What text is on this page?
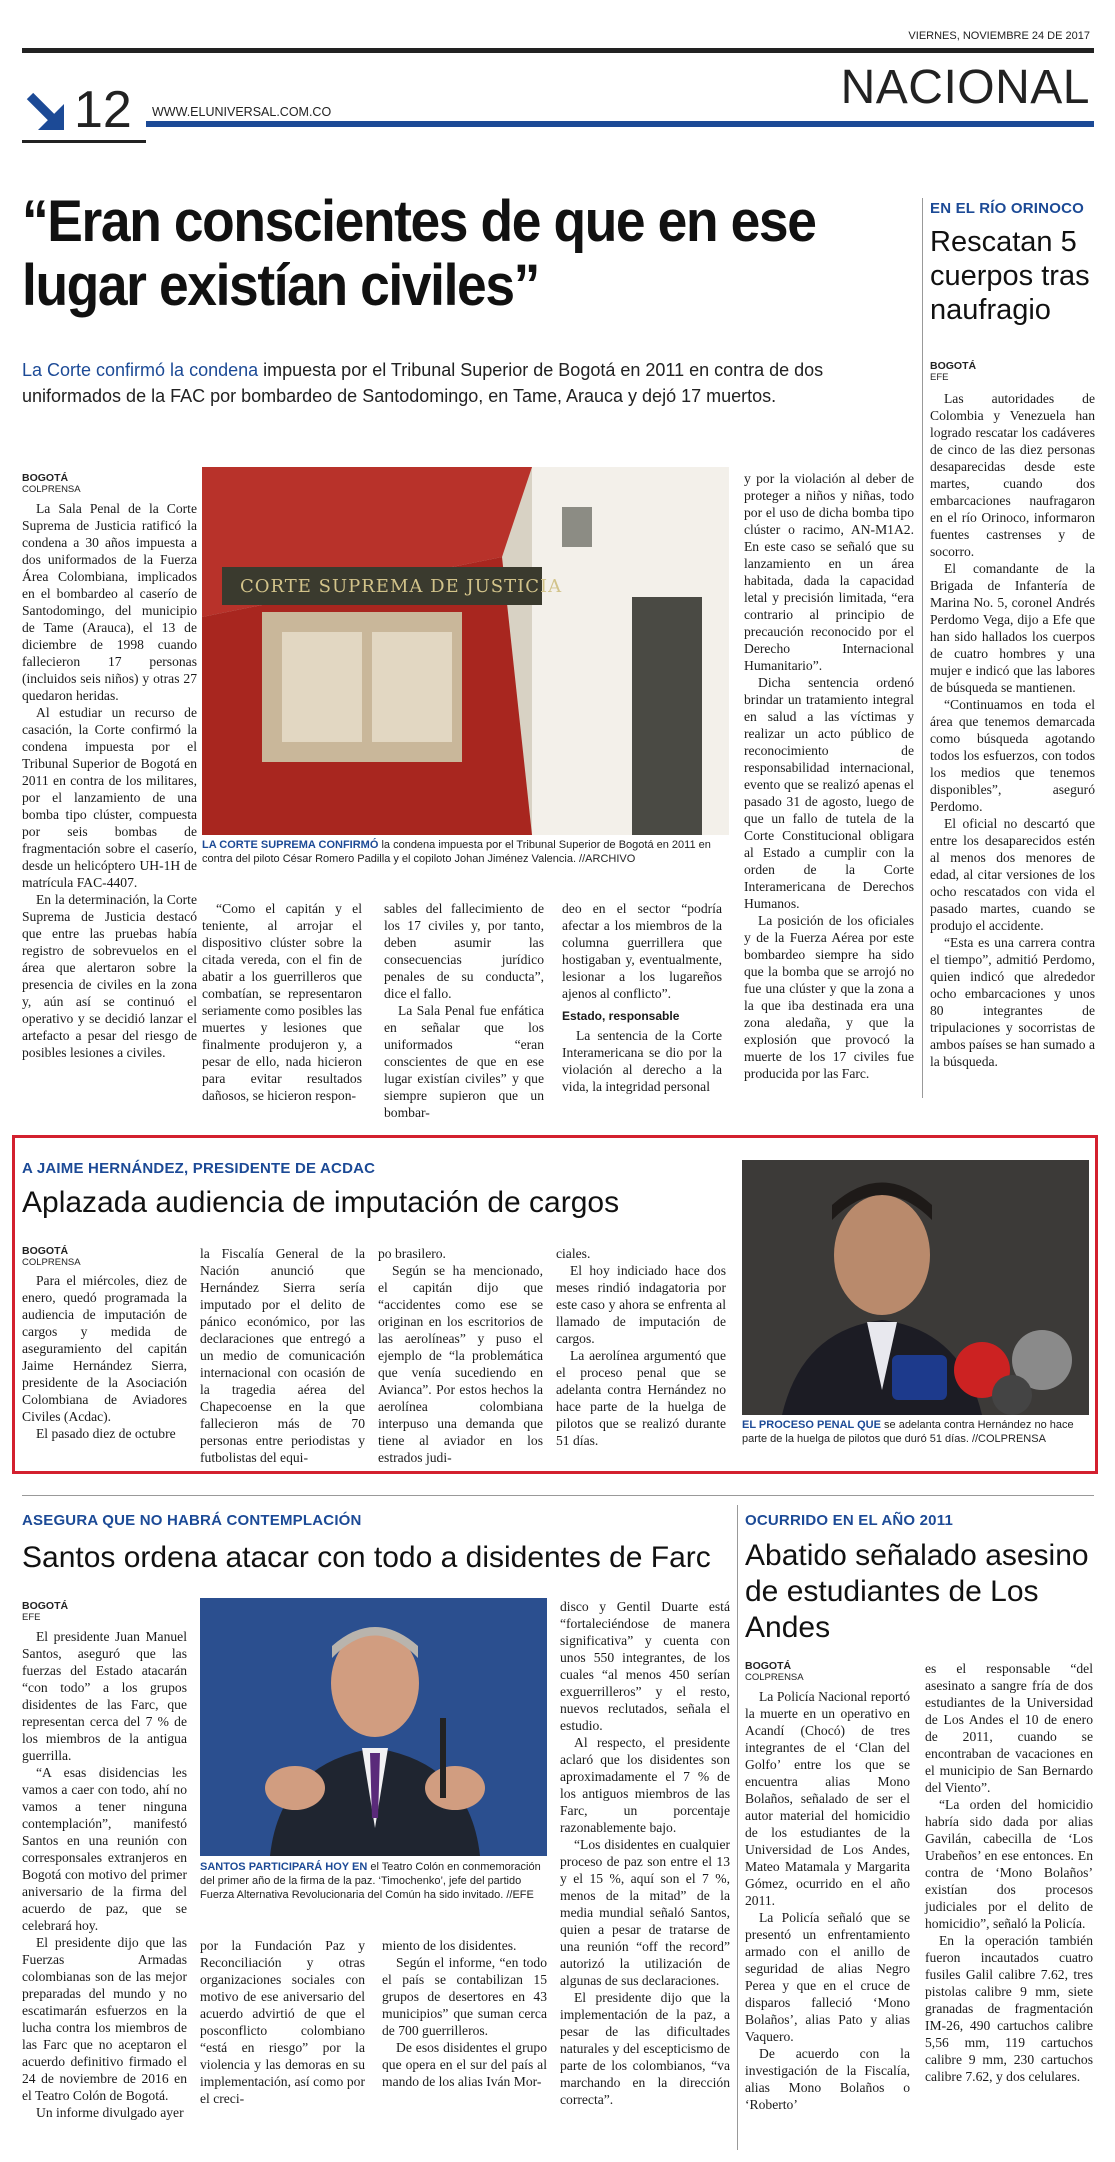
VIERNES, NOVIEMBRE 24 DE 2017
12 WWW.ELUNIVERSAL.COM.CO	NACIONAL
“Eran conscientes de que en ese lugar existían civiles”
La Corte confirmó la condena impuesta por el Tribunal Superior de Bogotá en 2011 en contra de dos uniformados de la FAC por bombardeo de Santodomingo, en Tame, Arauca y dejó 17 muertos.
BOGOTÁ
COLPRENSA

La Sala Penal de la Corte Suprema de Justicia ratificó la condena a 30 años impuesta a dos uniformados de la Fuerza Área Colombiana, implicados en el bombardeo al caserío de Santodomingo, del municipio de Tame (Arauca), el 13 de diciembre de 1998 cuando fallecieron 17 personas (incluidos seis niños) y otras 27 quedaron heridas.

Al estudiar un recurso de casación, la Corte confirmó la condena impuesta por el Tribunal Superior de Bogotá en 2011 en contra de los militares, por el lanzamiento de una bomba tipo clúster, compuesta por seis bombas de fragmentación sobre el caserío, desde un helicóptero UH-1H de matrícula FAC-4407.

En la determinación, la Corte Suprema de Justicia destacó que entre las pruebas había registro de sobrevuelos en el área que alertaron sobre la presencia de civiles en la zona y, aún así se continuó el operativo y se decidió lanzar el artefacto a pesar del riesgo de posibles lesiones a civiles.

CORTE SUPREMA DE JUSTICIA
LA CORTE SUPREMA CONFIRMÓ la condena impuesta por el Tribunal Superior de Bogotá en 2011 en contra del piloto César Romero Padilla y el copiloto Johan Jiménez Valencia. //ARCHIVO

“Como el capitán y el teniente, al arrojar el dispositivo clúster sobre la citada vereda, con el fin de abatir a los guerrilleros que combatían, se representaron seriamente como posibles las muertes y lesiones que finalmente produjeron y, a pesar de ello, nada hicieron para evitar resultados dañosos, se hicieron respon-

sables del fallecimiento de los 17 civiles y, por tanto, deben asumir las consecuencias jurídico penales de su conducta”, dice el fallo.

La Sala Penal fue enfática en señalar que los uniformados “eran conscientes de que en ese lugar existían civiles” y que siempre supieron que un bombar-

deo en el sector “podría afectar a los miembros de la columna guerrillera que hostigaban y, eventualmente, lesionar a los lugareños ajenos al conflicto”.

Estado, responsable

La sentencia de la Corte Interamericana se dio por la violación al derecho a la vida, la integridad personal

y por la violación al deber de proteger a niños y niñas, todo por el uso de dicha bomba tipo clúster o racimo, AN-M1A2. En este caso se señaló que su lanzamiento en un área habitada, dada la capacidad letal y precisión limitada, “era contrario al principio de precaución reconocido por el Derecho Internacional Humanitario”.

Dicha sentencia ordenó brindar un tratamiento integral en salud a las víctimas y realizar un acto público de reconocimiento de responsabilidad internacional, evento que se realizó apenas el pasado 31 de agosto, luego de que un fallo de tutela de la Corte Constitucional obligara al Estado a cumplir con la orden de la Corte Interamericana de Derechos Humanos.

La posición de los oficiales y de la Fuerza Aérea por este bombardeo siempre ha sido que la bomba que se arrojó no fue una clúster y que la zona a la que iba destinada era una zona aledaña, y que la explosión que provocó la muerte de los 17 civiles fue producida por las Farc.

EN EL RÍO ORINOCO
Rescatan 5 cuerpos tras naufragio
BOGOTÁ
EFE

Las autoridades de Colombia y Venezuela han logrado rescatar los cadáveres de cinco de las diez personas desaparecidas desde este martes, cuando dos embarcaciones naufragaron en el río Orinoco, informaron fuentes castrenses y de socorro.

El comandante de la Brigada de Infantería de Marina No. 5, coronel Andrés Perdomo Vega, dijo a Efe que han sido hallados los cuerpos de cuatro hombres y una mujer e indicó que las labores de búsqueda se mantienen.

“Continuamos en toda el área que tenemos demarcada como búsqueda agotando todos los esfuerzos, con todos los medios que tenemos disponibles”, aseguró Perdomo.

El oficial no descartó que entre los desaparecidos estén al menos dos menores de edad, al citar versiones de los ocho rescatados con vida el pasado martes, cuando se produjo el accidente.

“Esta es una carrera contra el tiempo”, admitió Perdomo, quien indicó que alrededor ocho embarcaciones y unos 80 integrantes de tripulaciones y socorristas de ambos países se han sumado a la búsqueda.

A JAIME HERNÁNDEZ, PRESIDENTE DE ACDAC
Aplazada audiencia de imputación de cargos
BOGOTÁ
COLPRENSA

Para el miércoles, diez de enero, quedó programada la audiencia de imputación de cargos y medida de aseguramiento del capitán Jaime Hernández Sierra, presidente de la Asociación Colombiana de Aviadores Civiles (Acdac).

El pasado diez de octubre

la Fiscalía General de la Nación anunció que Hernández Sierra sería imputado por el delito de pánico económico, por las declaraciones que entregó a un medio de comunicación internacional con ocasión de la tragedia aérea del Chapecoense en la que fallecieron más de 70 personas entre periodistas y futbolistas del equi-

po brasilero.

Según se ha mencionado, el capitán dijo que “accidentes como ese se originan en los escritorios de las aerolíneas” y puso el ejemplo de “la problemática que venía sucediendo en Avianca”. Por estos hechos la aerolínea colombiana interpuso una demanda que tiene al aviador en los estrados judi-

ciales.

El hoy indiciado hace dos meses rindió indagatoria por este caso y ahora se enfrenta al llamado de imputación de cargos.

La aerolínea argumentó que el proceso penal que se adelanta contra Hernández no hace parte de la huelga de pilotos que se realizó durante 51 días.

EL PROCESO PENAL QUE se adelanta contra Hernández no hace parte de la huelga de pilotos que duró 51 días. //COLPRENSA
ASEGURA QUE NO HABRÁ CONTEMPLACIÓN
Santos ordena atacar con todo a disidentes de Farc
BOGOTÁ
EFE

El presidente Juan Manuel Santos, aseguró que las fuerzas del Estado atacarán “con todo” a los grupos disidentes de las Farc, que representan cerca del 7 % de los miembros de la antigua guerrilla.

“A esas disidencias les vamos a caer con todo, ahí no vamos a tener ninguna contemplación”, manifestó Santos en una reunión con corresponsales extranjeros en Bogotá con motivo del primer aniversario de la firma del acuerdo de paz, que se celebrará hoy.

El presidente dijo que las Fuerzas Armadas colombianas son de las mejor preparadas del mundo y no escatimarán esfuerzos en la lucha contra los miembros de las Farc que no aceptaron el acuerdo definitivo firmado el 24 de noviembre de 2016 en el Teatro Colón de Bogotá.

Un informe divulgado ayer

SANTOS PARTICIPARÁ HOY EN el Teatro Colón en conmemoración del primer año de la firma de la paz. ‘Timochenko’, jefe del partido Fuerza Alternativa Revolucionaria del Común ha sido invitado. //EFE

por la Fundación Paz y Reconciliación y otras organizaciones sociales con motivo de ese aniversario del acuerdo advirtió de que el posconflicto colombiano “está en riesgo” por la violencia y las demoras en su implementación, así como por el creci-

miento de los disidentes.

Según el informe, “en todo el país se contabilizan 15 grupos de desertores en 43 municipios” que suman cerca de 700 guerrilleros.

De esos disidentes el grupo que opera en el sur del país al mando de los alias Iván Mor-

disco y Gentil Duarte está “fortaleciéndose de manera significativa” y cuenta con unos 550 integrantes, de los cuales “al menos 450 serían exguerrilleros” y el resto, nuevos reclutados, señala el estudio.

Al respecto, el presidente aclaró que los disidentes son aproximadamente el 7 % de los antiguos miembros de las Farc, un porcentaje razonablemente bajo.

“Los disidentes en cualquier proceso de paz son entre el 13 y el 15 %, aquí son el 7 %, menos de la mitad” de la media mundial señaló Santos, quien a pesar de tratarse de una reunión “off the record” autorizó la utilización de algunas de sus declaraciones.

El presidente dijo que la implementación de la paz, a pesar de las dificultades naturales y del escepticismo de parte de los colombianos, “va marchando en la dirección correcta”.

OCURRIDO EN EL AÑO 2011
Abatido señalado asesino de estudiantes de Los Andes
BOGOTÁ
COLPRENSA

La Policía Nacional reportó la muerte en un operativo en Acandí (Chocó) de tres integrantes de el ‘Clan del Golfo’ entre los que se encuentra alias Mono Bolaños, señalado de ser el autor material del homicidio de los estudiantes de la Universidad de Los Andes, Mateo Matamala y Margarita Gómez, ocurrido en el año 2011.

La Policía señaló que se presentó un enfrentamiento armado con el anillo de seguridad de alias Negro Perea y que en el cruce de disparos falleció ‘Mono Bolaños’, alias Pato y alias Vaquero.

De acuerdo con la investigación de la Fiscalía, alias Mono Bolaños o ‘Roberto’

es el responsable “del asesinato a sangre fría de dos estudiantes de la Universidad de Los Andes el 10 de enero de 2011, cuando se encontraban de vacaciones en el municipio de San Bernardo del Viento”.

“La orden del homicidio habría sido dada por alias Gavilán, cabecilla de ‘Los Urabeños’ en ese entonces. En contra de ‘Mono Bolaños’ existían dos procesos judiciales por el delito de homicidio”, señaló la Policía.

En la operación también fueron incautados cuatro fusiles Galil calibre 7.62, tres pistolas calibre 9 mm, siete granadas de fragmentación IM-26, 490 cartuchos calibre 5,56 mm, 119 cartuchos calibre 9 mm, 230 cartuchos calibre 7.62, y dos celulares.
